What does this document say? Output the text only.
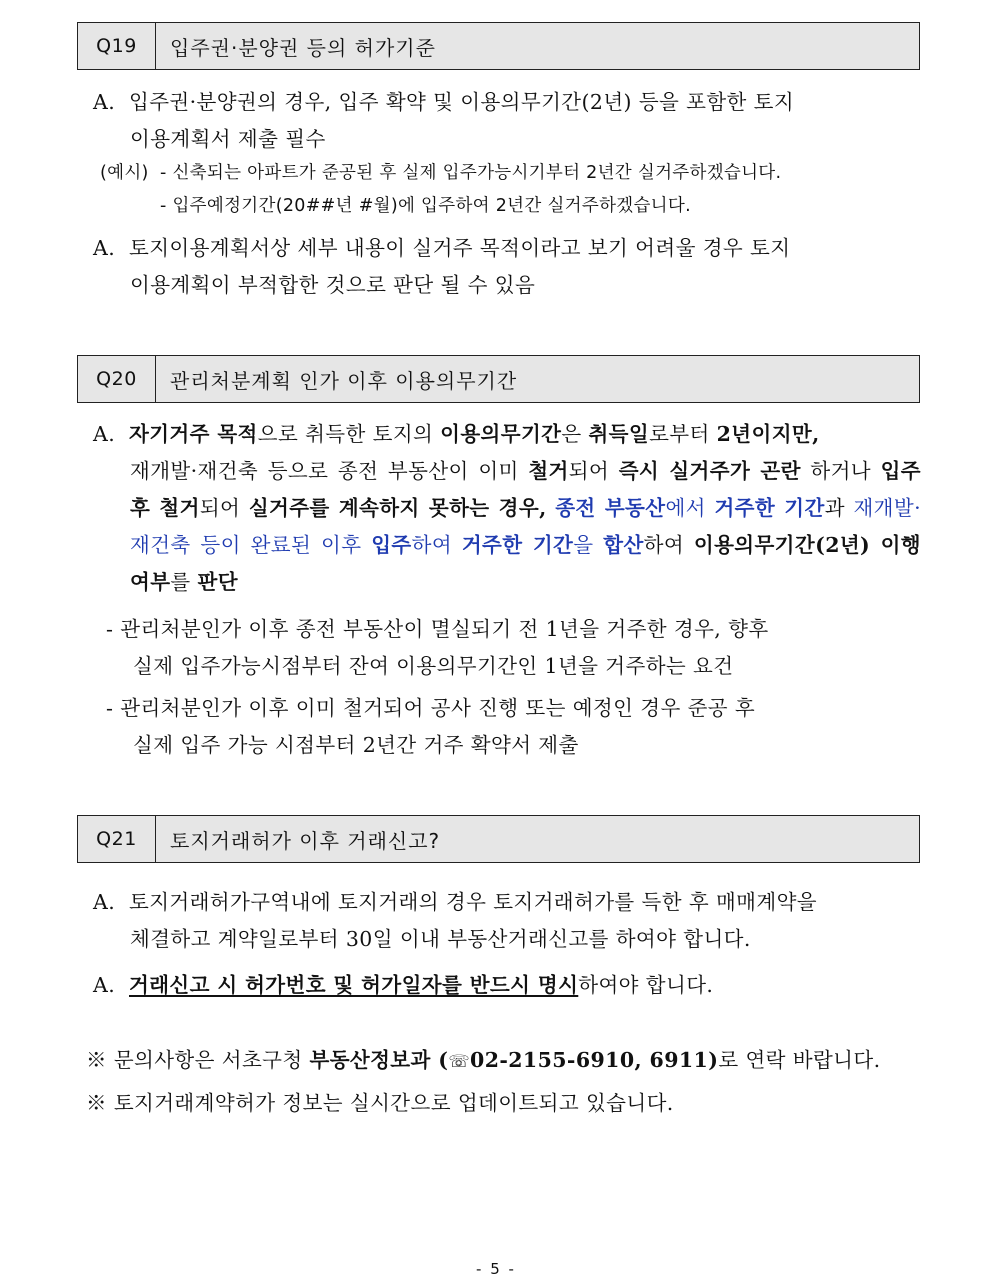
Q19	입주권·분양권 등의 허가기준
A. 입주권·분양권의 경우, 입주 확약 및 이용의무기간(2년) 등을 포함한 토지
이용계획서 제출 필수
(예시) - 신축되는 아파트가 준공된 후 실제 입주가능시기부터 2년간 실거주하겠습니다.
- 입주예정기간(20##년 #월)에 입주하여 2년간 실거주하겠습니다.
A. 토지이용계획서상 세부 내용이 실거주 목적이라고 보기 어려울 경우 토지
이용계획이 부적합한 것으로 판단 될 수 있음
Q20	관리처분계획 인가 이후 이용의무기간
A. 자기거주 목적으로 취득한 토지의 이용의무기간은 취득일로부터 2년이지만,
재개발·재건축 등으로 종전 부동산이 이미 철거되어 즉시 실거주가 곤란 하거나 입주 후 철거되어 실거주를 계속하지 못하는 경우, 종전 부동산에서 거주한 기간과 재개발·재건축 등이 완료된 이후 입주하여 거주한 기간을 합산하여 이용의무기간(2년) 이행 여부를 판단
- 관리처분인가 이후 종전 부동산이 멸실되기 전 1년을 거주한 경우, 향후
실제 입주가능시점부터 잔여 이용의무기간인 1년을 거주하는 요건
- 관리처분인가 이후 이미 철거되어 공사 진행 또는 예정인 경우 준공 후
실제 입주 가능 시점부터 2년간 거주 확약서 제출
Q21	토지거래허가 이후 거래신고?
A. 토지거래허가구역내에 토지거래의 경우 토지거래허가를 득한 후 매매계약을
체결하고 계약일로부터 30일 이내 부동산거래신고를 하여야 합니다.
A. 거래신고 시 허가번호 및 허가일자를 반드시 명시하여야 합니다.
※ 문의사항은 서초구청 부동산정보과 (☏02-2155-6910, 6911)로 연락 바랍니다.
※ 토지거래계약허가 정보는 실시간으로 업데이트되고 있습니다.
- 5 -
